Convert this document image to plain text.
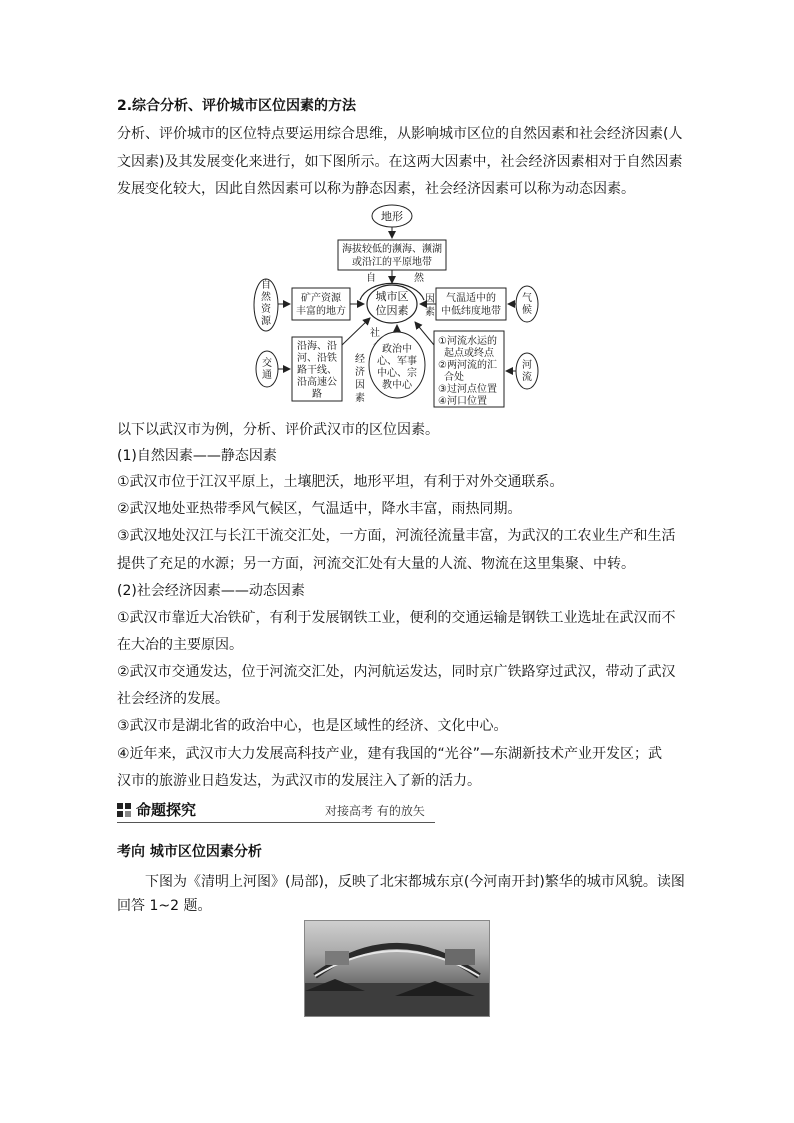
2.综合分析、评价城市区位因素的方法
分析、评价城市的区位特点要运用综合思维，从影响城市区位的自然因素和社会经济因素(人
文因素)及其发展变化来进行，如下图所示。在这两大因素中，社会经济因素相对于自然因素
发展变化较大，因此自然因素可以称为静态因素，社会经济因素可以称为动态因素。
地形
海拔较低的濒海、濒湖
或沿江的平原地带
自	然
因
素
城市区
位因素
自
然
资
源
矿产资源
丰富的地方
气温适中的
中低纬度地带
气
候
交
通
沿海、沿
河、沿铁
路干线、
沿高速公
路
社
经
济
因
素
政治中
心、军事
中心、宗
教中心
①河流水运的
起点或终点
②两河流的汇
合处
③过河点位置
④河口位置
河
流
以下以武汉市为例，分析、评价武汉市的区位因素。
(1)自然因素——静态因素
①武汉市位于江汉平原上，土壤肥沃，地形平坦，有利于对外交通联系。
②武汉地处亚热带季风气候区，气温适中，降水丰富，雨热同期。
③武汉地处汉江与长江干流交汇处，一方面，河流径流量丰富，为武汉的工农业生产和生活
提供了充足的水源；另一方面，河流交汇处有大量的人流、物流在这里集聚、中转。
(2)社会经济因素——动态因素
①武汉市靠近大冶铁矿，有利于发展钢铁工业，便利的交通运输是钢铁工业选址在武汉而不
在大冶的主要原因。
②武汉市交通发达，位于河流交汇处，内河航运发达，同时京广铁路穿过武汉，带动了武汉
社会经济的发展。
③武汉市是湖北省的政治中心，也是区域性的经济、文化中心。
④近年来，武汉市大力发展高科技产业，建有我国的“光谷”—东湖新技术产业开发区；武
汉市的旅游业日趋发达，为武汉市的发展注入了新的活力。
命题探究	对接高考 有的放矢
考向 城市区位因素分析
下图为《清明上河图》(局部)，反映了北宋都城东京(今河南开封)繁华的城市风貌。读图
回答 1~2 题。
